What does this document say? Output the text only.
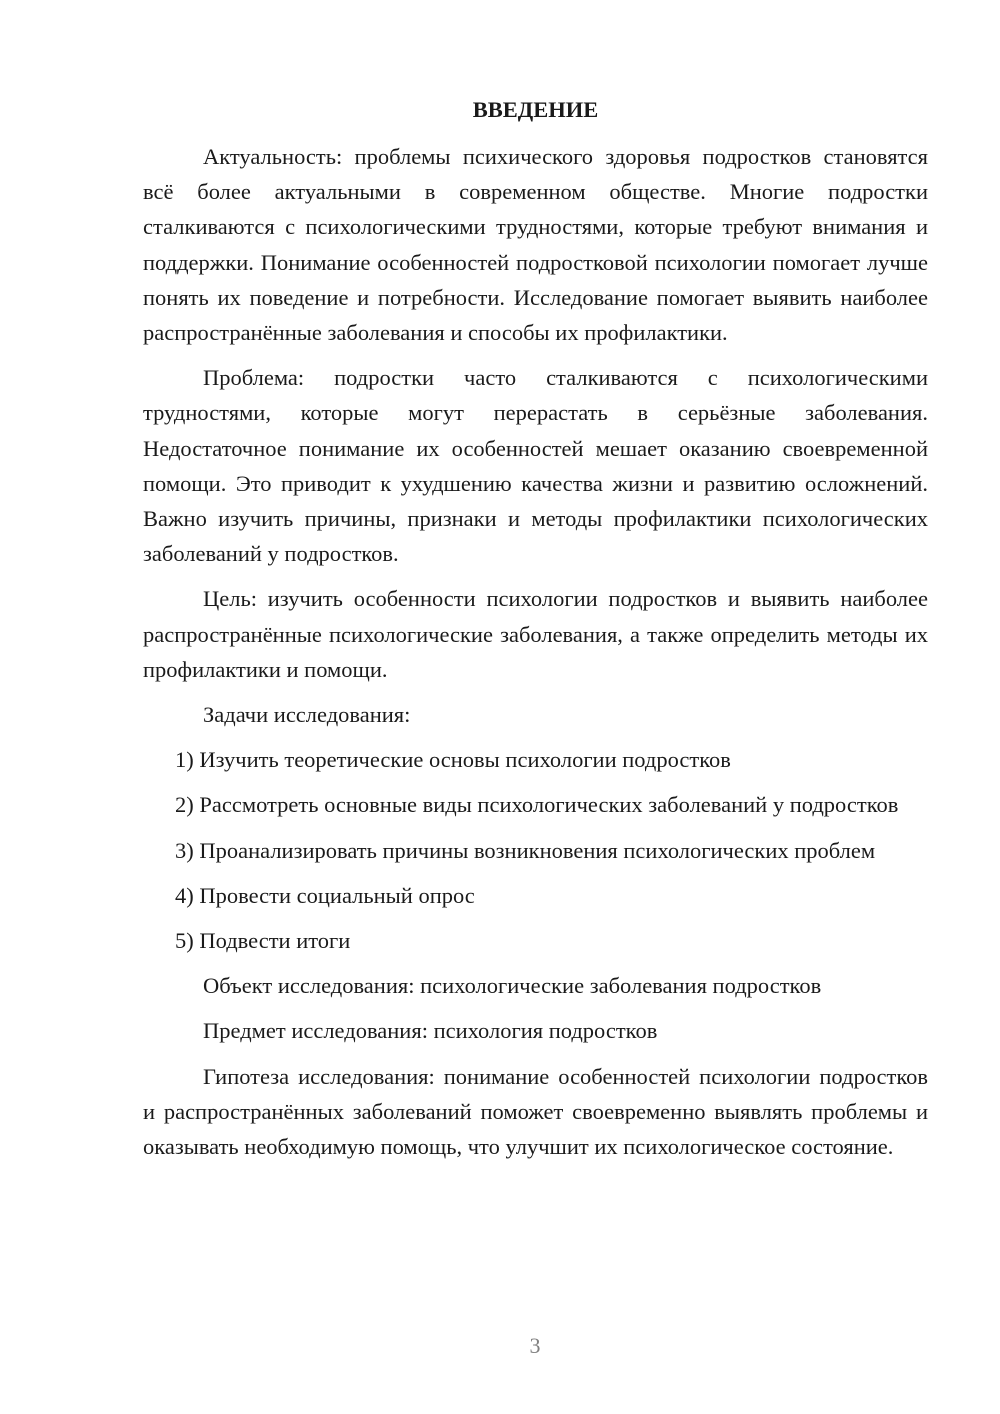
ВВЕДЕНИЕ

Актуальность: проблемы психического здоровья подростков становятся всё более актуальными в современном обществе. Многие подростки сталкиваются с психологическими трудностями, которые требуют внимания и поддержки. Понимание особенностей подростковой психологии помогает лучше понять их поведение и потребности. Исследование помогает выявить наиболее распространённые заболевания и способы их профилактики.

Проблема: подростки часто сталкиваются с психологическими трудностями, которые могут перерастать в серьёзные заболевания. Недостаточное понимание их особенностей мешает оказанию своевременной помощи. Это приводит к ухудшению качества жизни и развитию осложнений. Важно изучить причины, признаки и методы профилактики психологических заболеваний у подростков.

Цель: изучить особенности психологии подростков и выявить наиболее распространённые психологические заболевания, а также определить методы их профилактики и помощи.

Задачи исследования:

1) Изучить теоретические основы психологии подростков

2) Рассмотреть основные виды психологических заболеваний у подростков

3) Проанализировать причины возникновения психологических проблем

4) Провести социальный опрос

5) Подвести итоги

Объект исследования: психологические заболевания подростков

Предмет исследования: психология подростков

Гипотеза исследования: понимание особенностей психологии подростков и распространённых заболеваний поможет своевременно выявлять проблемы и оказывать необходимую помощь, что улучшит их психологическое состояние.

3
